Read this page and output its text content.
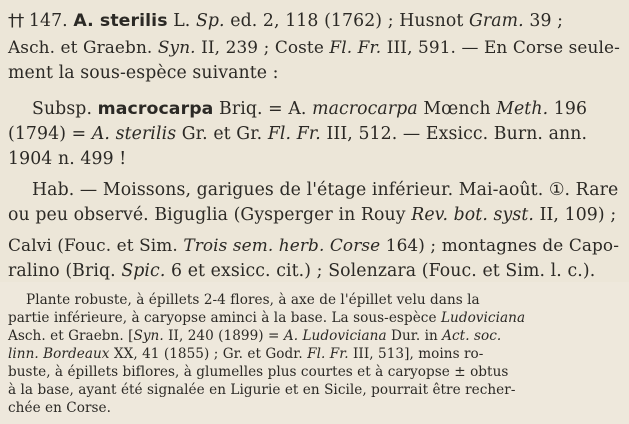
†† 147. A. sterilis L. Sp. ed. 2, 118 (1762) ; Husnot Gram. 39 ;
Asch. et Graebn. Syn. II, 239 ; Coste Fl. Fr. III, 591. — En Corse seule-
ment la sous-espèce suivante :
Subsp. macrocarpa Briq. = A. macrocarpa Mœnch Meth. 196
(1794) = A. sterilis Gr. et Gr. Fl. Fr. III, 512. — Exsicc. Burn. ann.
1904 n. 499 !
Hab. — Moissons, garigues de l'étage inférieur. Mai-août. ①. Rare
ou peu observé. Biguglia (Gysperger in Rouy Rev. bot. syst. II, 109) ;
Calvi (Fouc. et Sim. Trois sem. herb. Corse 164) ; montagnes de Capo-
ralino (Briq. Spic. 6 et exsicc. cit.) ; Solenzara (Fouc. et Sim. l. c.).
Plante robuste, à épillets 2-4 flores, à axe de l'épillet velu dans la
partie inférieure, à caryopse aminci à la base. La sous-espèce Ludoviciana
Asch. et Graebn. [Syn. II, 240 (1899) = A. Ludoviciana Dur. in Act. soc.
linn. Bordeaux XX, 41 (1855) ; Gr. et Godr. Fl. Fr. III, 513], moins ro-
buste, à épillets biflores, à glumelles plus courtes et à caryopse ± obtus
à la base, ayant été signalée en Ligurie et en Sicile, pourrait être recher-
chée en Corse.
